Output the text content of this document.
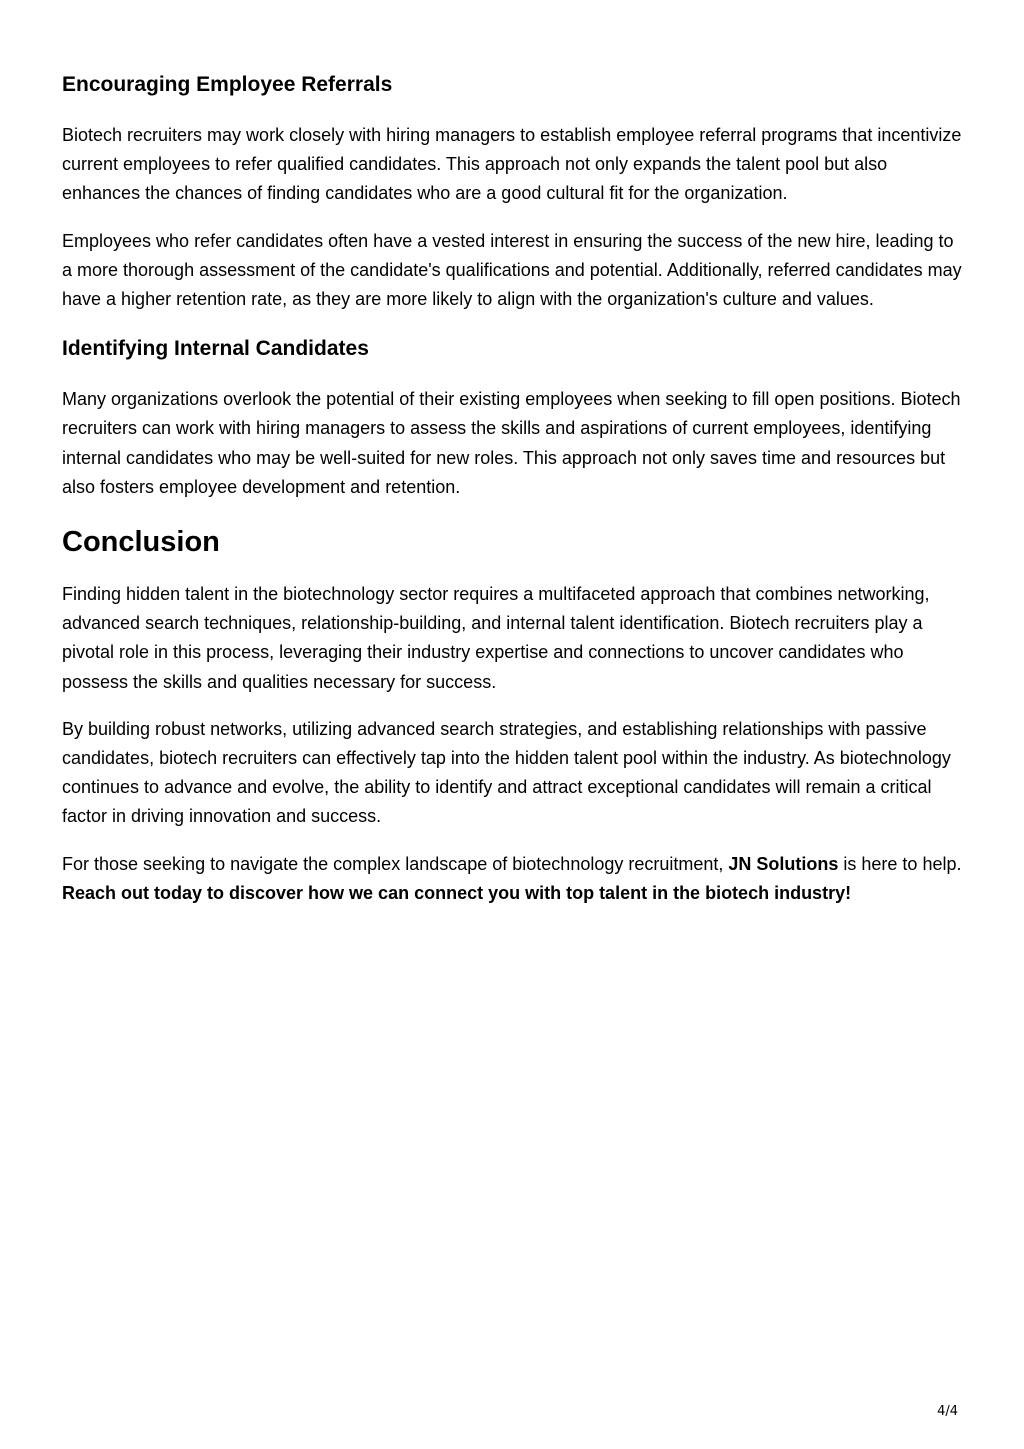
Encouraging Employee Referrals

Biotech recruiters may work closely with hiring managers to establish employee referral programs that incentivize current employees to refer qualified candidates. This approach not only expands the talent pool but also enhances the chances of finding candidates who are a good cultural fit for the organization.

Employees who refer candidates often have a vested interest in ensuring the success of the new hire, leading to a more thorough assessment of the candidate's qualifications and potential. Additionally, referred candidates may have a higher retention rate, as they are more likely to align with the organization's culture and values.

Identifying Internal Candidates

Many organizations overlook the potential of their existing employees when seeking to fill open positions. Biotech recruiters can work with hiring managers to assess the skills and aspirations of current employees, identifying internal candidates who may be well-suited for new roles. This approach not only saves time and resources but also fosters employee development and retention.

Conclusion

Finding hidden talent in the biotechnology sector requires a multifaceted approach that combines networking, advanced search techniques, relationship-building, and internal talent identification. Biotech recruiters play a pivotal role in this process, leveraging their industry expertise and connections to uncover candidates who possess the skills and qualities necessary for success.

By building robust networks, utilizing advanced search strategies, and establishing relationships with passive candidates, biotech recruiters can effectively tap into the hidden talent pool within the industry. As biotechnology continues to advance and evolve, the ability to identify and attract exceptional candidates will remain a critical factor in driving innovation and success.

For those seeking to navigate the complex landscape of biotechnology recruitment, JN Solutions is here to help. Reach out today to discover how we can connect you with top talent in the biotech industry!

4/4
